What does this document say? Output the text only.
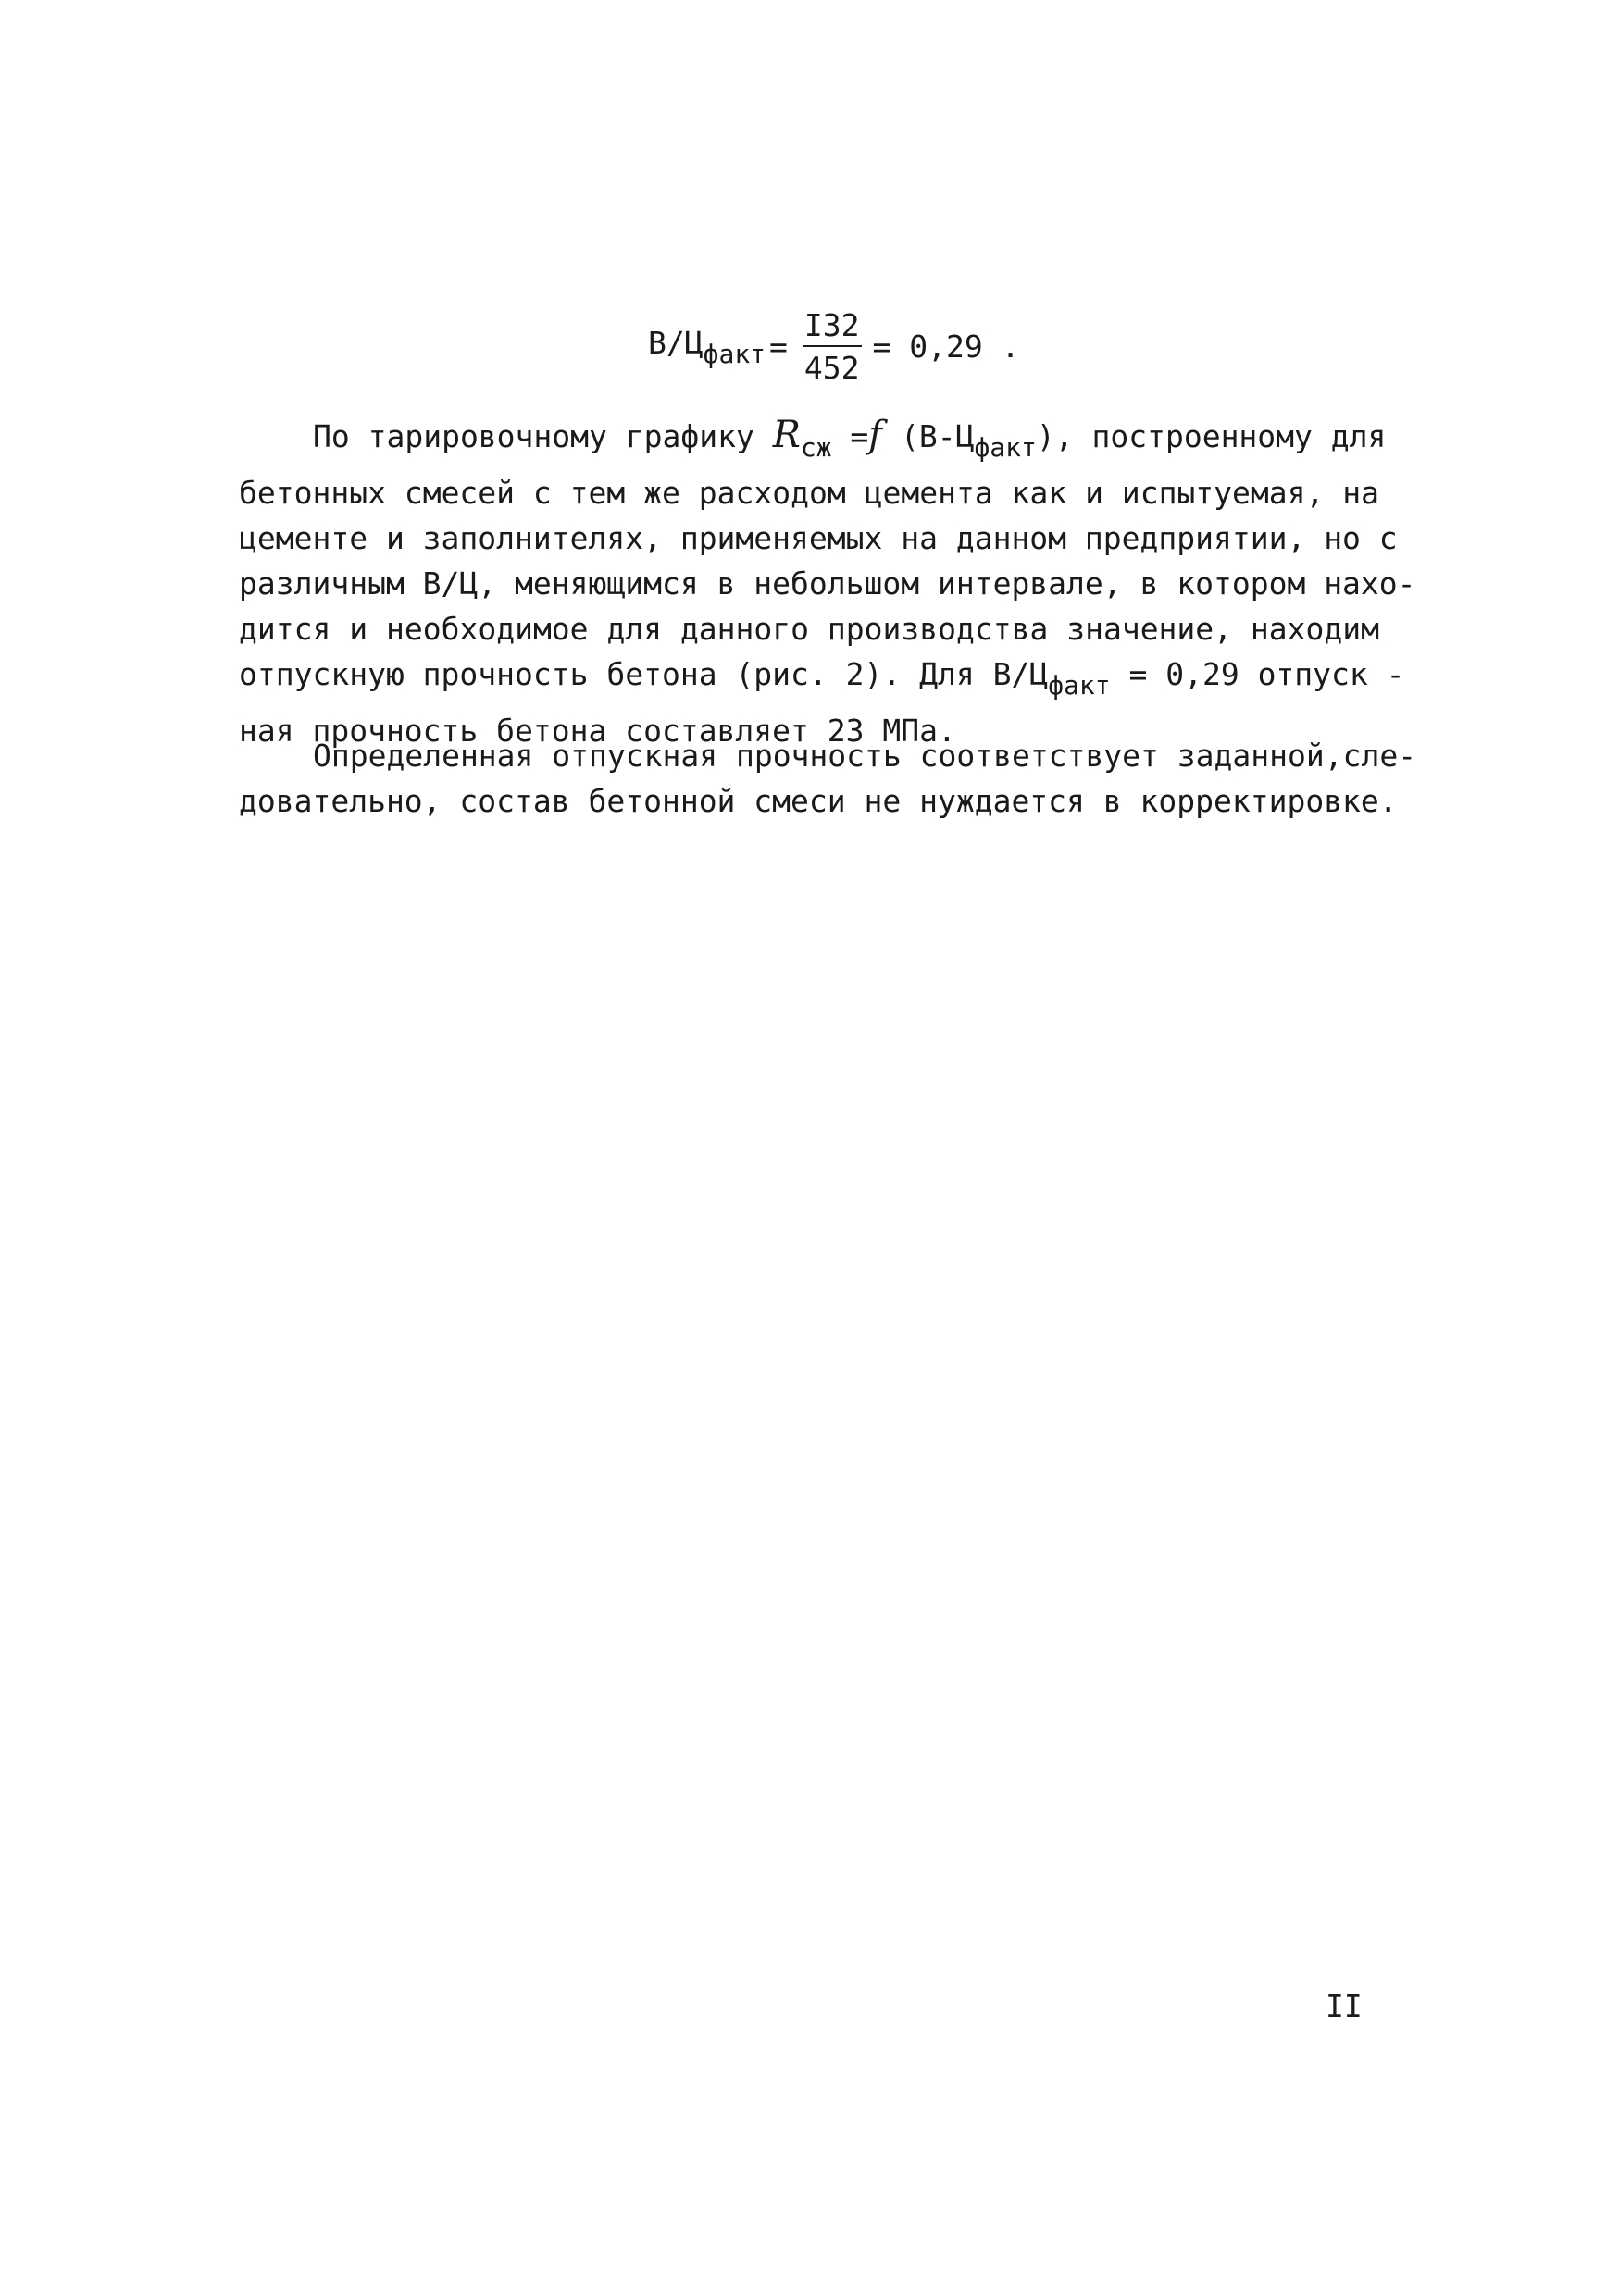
$В/Ц_{факт} = \frac{I32}{452} = 0,29$ .
По тарировочному графику $R_{сж} =f$ $(В-Ц_{факт})$, построенному для
бетонных смесей с тем же расходом цемента как и испытуемая, на
цементе и заполнителях, применяемых на данном предприятии, но с
различным В/Ц, меняющимся в небольшом интервале, в котором нахо-
дится и необходимое для данного производства значение, находим
отпускную прочность бетона (рис. 2). Для $В/Ц_{факт} = 0,29$ отпуск -
ная прочность бетона составляет 23 МПа.
Определенная отпускная прочность соответствует заданной,сле-
довательно, состав бетонной смеси не нуждается в корректировке.
II
